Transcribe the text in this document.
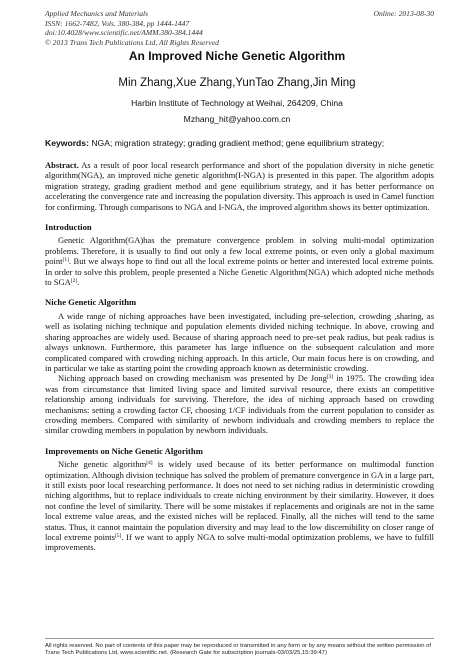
Applied Mechanics and Materials	Online: 2013-08-30
ISSN: 1662-7482, Vols. 380-384, pp 1444-1447
doi:10.4028/www.scientific.net/AMM.380-384.1444
© 2013 Trans Tech Publications Ltd, All Rights Reserved
An Improved Niche Genetic Algorithm
Min Zhang,Xue Zhang,YunTao Zhang,Jin Ming
Harbin Institute of Technology at Weihai, 264209, China
Mzhang_hit@yahoo.com.cn
Keywords: NGA; migration strategy; grading gradient method; gene equilibrium strategy;

Abstract. As a result of poor local research performance and short of the population diversity in niche genetic algorithm(NGA), an improved niche genetic algorithm(I-NGA) is presented in this paper. The algorithm adopts migration strategy, grading gradient method and gene equilibrium strategy, and it has better performance on accelerating the convergence rate and increasing the population diversity. This approach is used in Camel function for confirming. Through comparisons to NGA and I-NGA, the improved algorithm shows its better optimization.

Introduction

Genetic Algorithm(GA)has the premature convergence problem in solving multi-modal optimization problems. Therefore, it is usually to find out only a few local extreme points, or even only a global maximum point[1]. But we always hope to find out all the local extreme points or better and interested local extreme points. In order to solve this problem, people presented a Niche Genetic Algorithm(NGA) which adopted niche methods to SGA[2].

Niche Genetic Algorithm

A wide range of niching approaches have been investigated, including pre-selection, crowding ,sharing, as well as isolating niching technique and population elements divided niching technique. In above, crowing and sharing approaches are widely used. Because of sharing approach need to pre-set peak radius, but peak radius is always unknown. Furthermore, this parameter has large influence on the subsequent calculation and more complicated compared with crowding niching approach. In this article, Our main focus here is on crowding, and in particular we take as starting point the crowding approach known as deterministic crowding.

Niching approach based on crowding mechanism was presented by De Jong[3] in 1975. The crowding idea was from circumstance that limited living space and limited survival resource, there exists an competitive relationship among individuals for surviving. Therefore, the idea of niching approach based on crowding mechanisms: setting a crowding factor CF, choosing 1/CF individuals from the current population to consider as crowding members. Compared with similarity of newborn individuals and crowding members to replace the similar crowding members in population by newborn individuals.

Improvements on Niche Genetic Algorithm

Niche genetic algorithm[4] is widely used because of its better performance on multimodal function optimization. Although division technique has solved the problem of premature convergence in GA in a large part, it still exists poor local researching performance. It does not need to set niching radius in deterministic crowding niching algorithms, but to replace individuals to create niching environment by their similarity. However, it does not confine the level of similarity. There will be some mistakes if replacements and originals are not in the same local extreme value areas, and the existed niches will be replaced. Finally, all the niches will tend to the same status. Thus, it cannot maintain the population diversity and may lead to the low discernibility on closer range of local extreme points[5]. If we want to apply NGA to solve multi-modal optimization problems, we have to fulfill improvements.

All rights reserved. No part of contents of this paper may be reproduced or transmitted in any form or by any means without the written permission of Trans Tech Publications Ltd, www.scientific.net. (Research Gate for subscription journals-03/03/25,15:39:47)
